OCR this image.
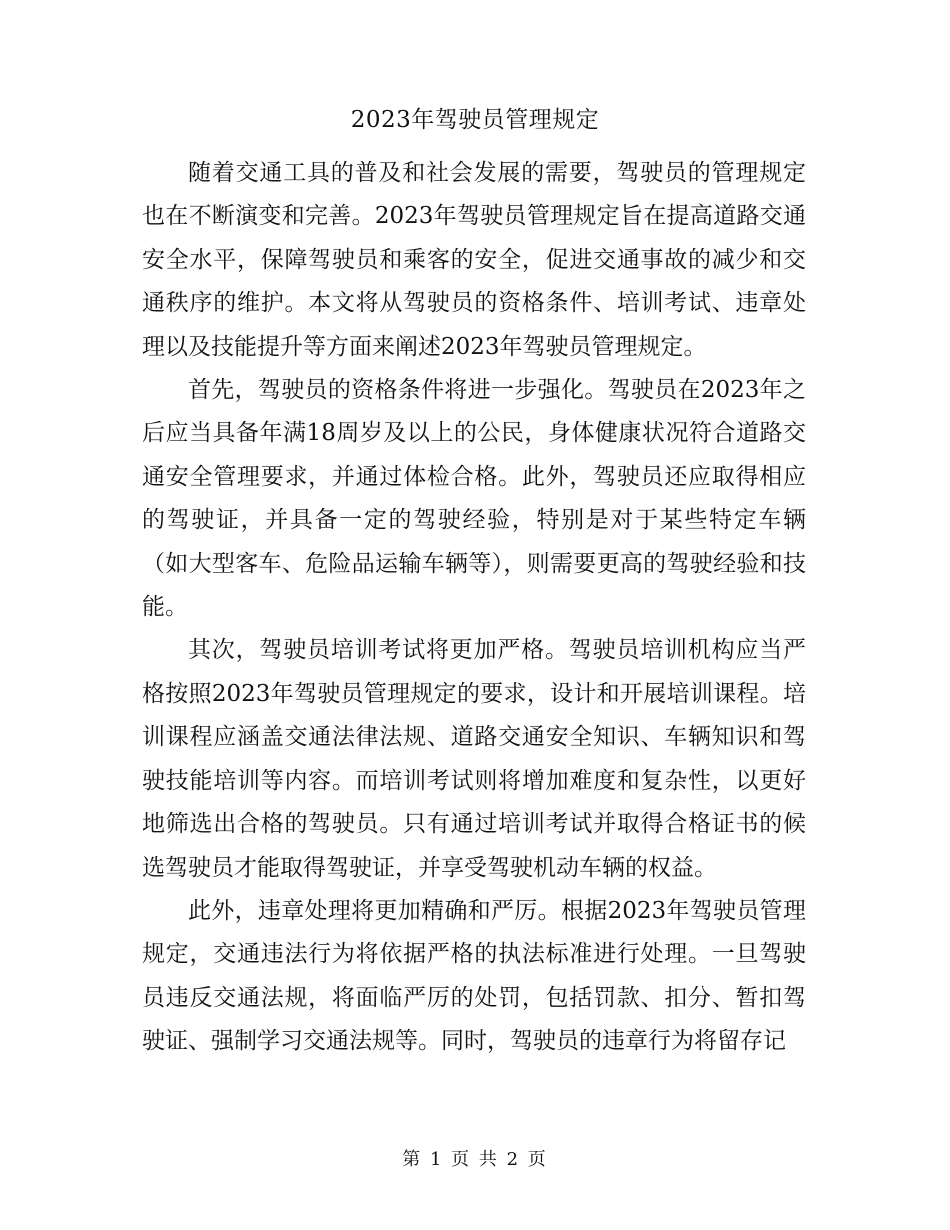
2023年驾驶员管理规定

随着交通工具的普及和社会发展的需要，驾驶员的管理规定也在不断演变和完善。2023年驾驶员管理规定旨在提高道路交通安全水平，保障驾驶员和乘客的安全，促进交通事故的减少和交通秩序的维护。本文将从驾驶员的资格条件、培训考试、违章处理以及技能提升等方面来阐述2023年驾驶员管理规定。

首先，驾驶员的资格条件将进一步强化。驾驶员在2023年之后应当具备年满18周岁及以上的公民，身体健康状况符合道路交通安全管理要求，并通过体检合格。此外，驾驶员还应取得相应的驾驶证，并具备一定的驾驶经验，特别是对于某些特定车辆（如大型客车、危险品运输车辆等），则需要更高的驾驶经验和技能。

其次，驾驶员培训考试将更加严格。驾驶员培训机构应当严格按照2023年驾驶员管理规定的要求，设计和开展培训课程。培训课程应涵盖交通法律法规、道路交通安全知识、车辆知识和驾驶技能培训等内容。而培训考试则将增加难度和复杂性，以更好地筛选出合格的驾驶员。只有通过培训考试并取得合格证书的候选驾驶员才能取得驾驶证，并享受驾驶机动车辆的权益。

此外，违章处理将更加精确和严厉。根据2023年驾驶员管理规定，交通违法行为将依据严格的执法标准进行处理。一旦驾驶员违反交通法规，将面临严厉的处罚，包括罚款、扣分、暂扣驾驶证、强制学习交通法规等。同时，驾驶员的违章行为将留存记

第 1 页 共 2 页
